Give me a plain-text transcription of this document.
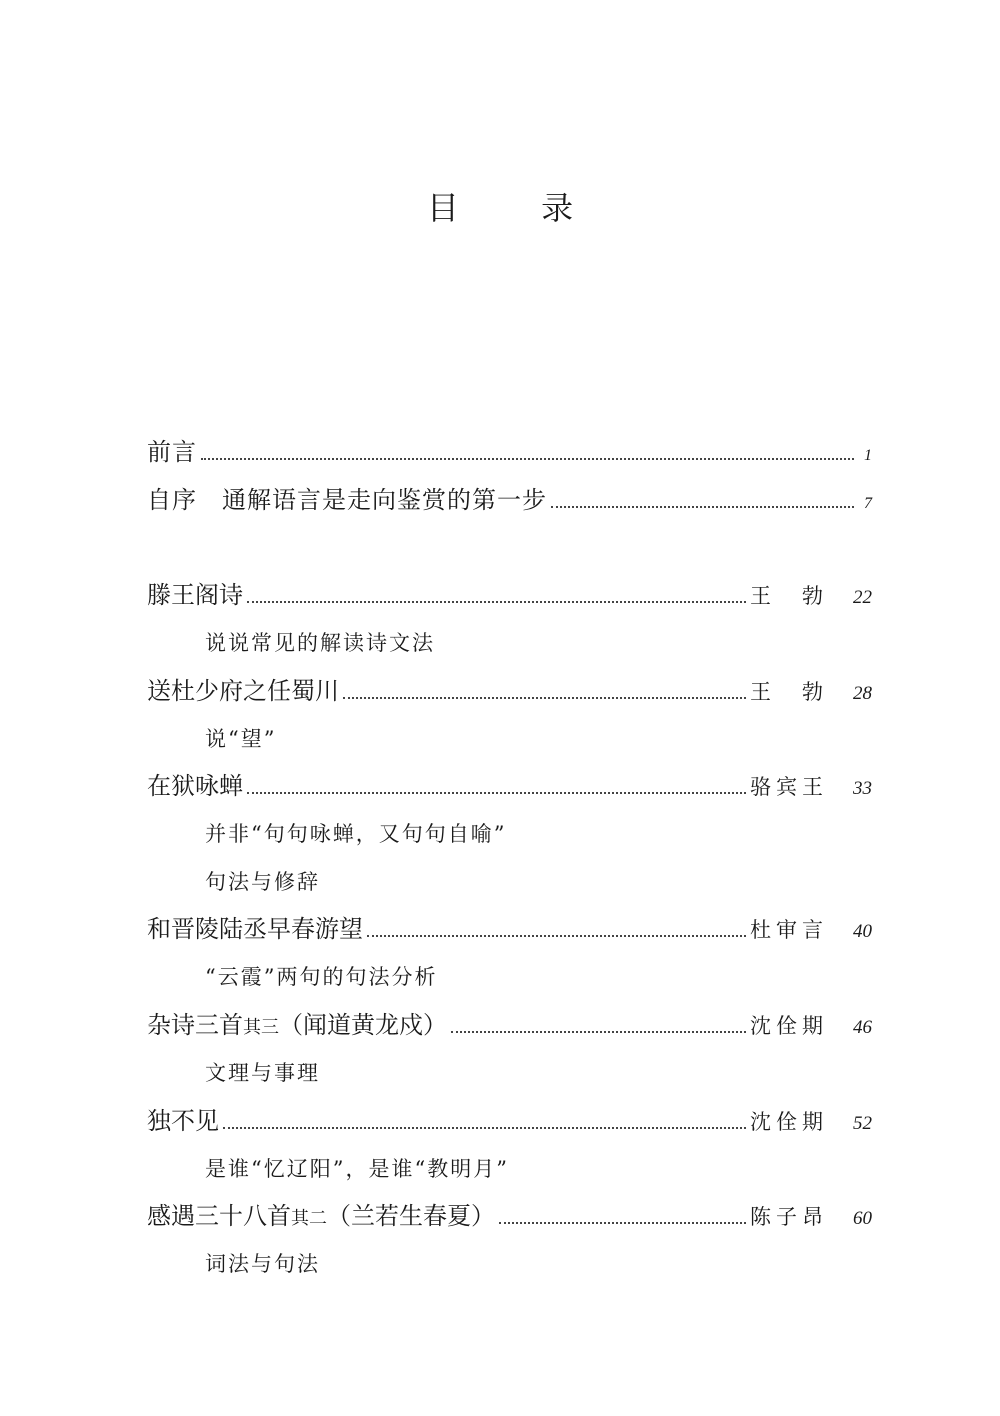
目 录
前言	1
自序　通解语言是走向鉴赏的第一步	7
滕王阁诗	王勃	22
说说常见的解读诗文法
送杜少府之任蜀川	王勃	28
说“望”
在狱咏蝉	骆宾王	33
并非“句句咏蝉，又句句自喻”
句法与修辞
和晋陵陆丞早春游望	杜审言	40
“云霞”两句的句法分析
杂诗三首其三（闻道黄龙戍）	沈佺期	46
文理与事理
独不见	沈佺期	52
是谁“忆辽阳”，是谁“教明月”
感遇三十八首其二（兰若生春夏）	陈子昂	60
词法与句法
